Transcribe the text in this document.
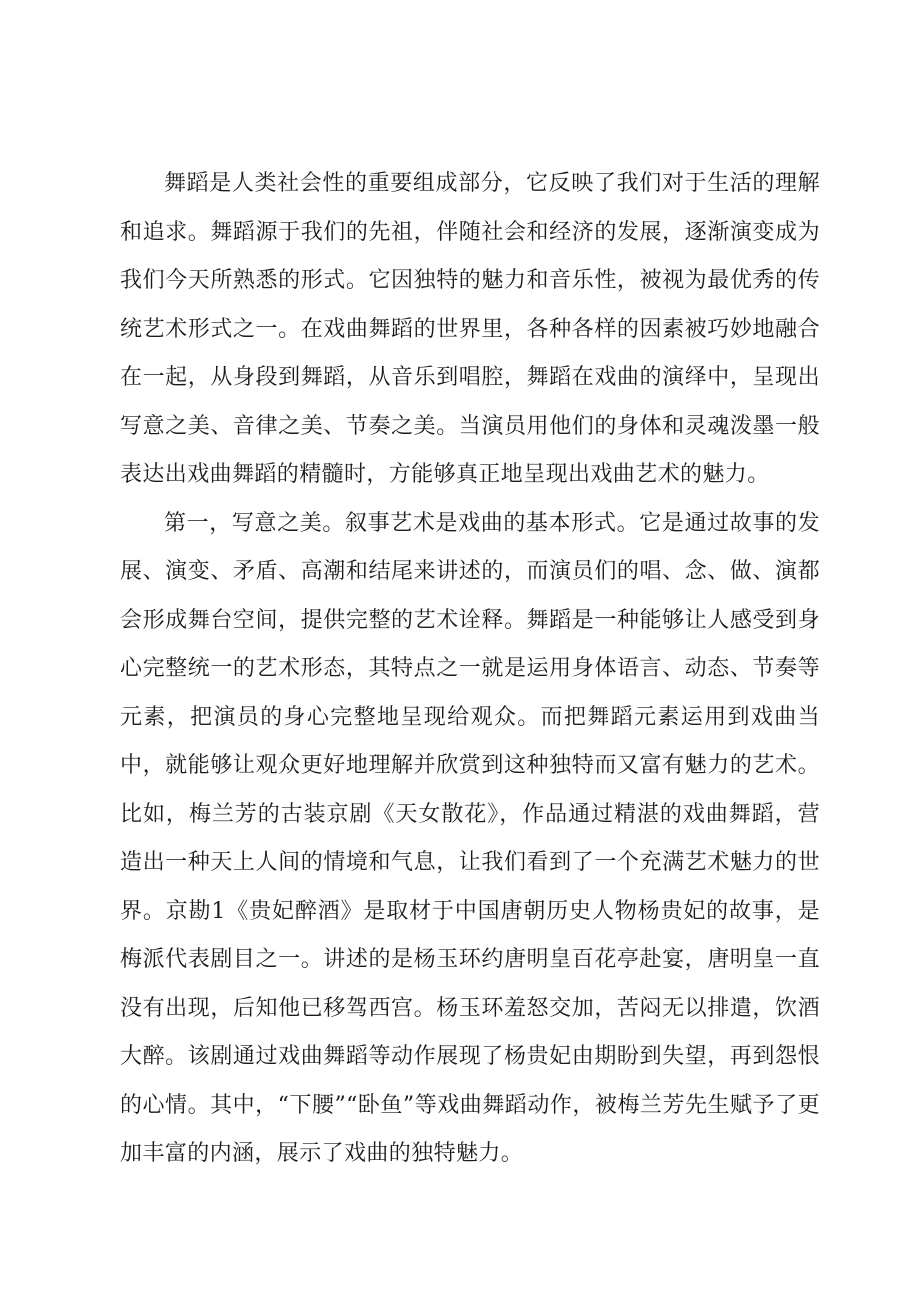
舞蹈是人类社会性的重要组成部分，它反映了我们对于生活的理解和追求。舞蹈源于我们的先祖，伴随社会和经济的发展，逐渐演变成为我们今天所熟悉的形式。它因独特的魅力和音乐性，被视为最优秀的传统艺术形式之一。在戏曲舞蹈的世界里，各种各样的因素被巧妙地融合在一起，从身段到舞蹈，从音乐到唱腔，舞蹈在戏曲的演绎中，呈现出写意之美、音律之美、节奏之美。当演员用他们的身体和灵魂泼墨一般表达出戏曲舞蹈的精髓时，方能够真正地呈现出戏曲艺术的魅力。

第一，写意之美。叙事艺术是戏曲的基本形式。它是通过故事的发展、演变、矛盾、高潮和结尾来讲述的，而演员们的唱、念、做、演都会形成舞台空间，提供完整的艺术诠释。舞蹈是一种能够让人感受到身心完整统一的艺术形态，其特点之一就是运用身体语言、动态、节奏等元素，把演员的身心完整地呈现给观众。而把舞蹈元素运用到戏曲当中，就能够让观众更好地理解并欣赏到这种独特而又富有魅力的艺术。比如，梅兰芳的古装京剧《天女散花》，作品通过精湛的戏曲舞蹈，营造出一种天上人间的情境和气息，让我们看到了一个充满艺术魅力的世界。京勘1《贵妃醉酒》是取材于中国唐朝历史人物杨贵妃的故事，是梅派代表剧目之一。讲述的是杨玉环约唐明皇百花亭赴宴，唐明皇一直没有出现，后知他已移驾西宫。杨玉环羞怒交加，苦闷无以排遣，饮酒大醉。该剧通过戏曲舞蹈等动作展现了杨贵妃由期盼到失望，再到怨恨的心情。其中，“下腰”“卧鱼”等戏曲舞蹈动作，被梅兰芳先生赋予了更加丰富的内涵，展示了戏曲的独特魅力。
